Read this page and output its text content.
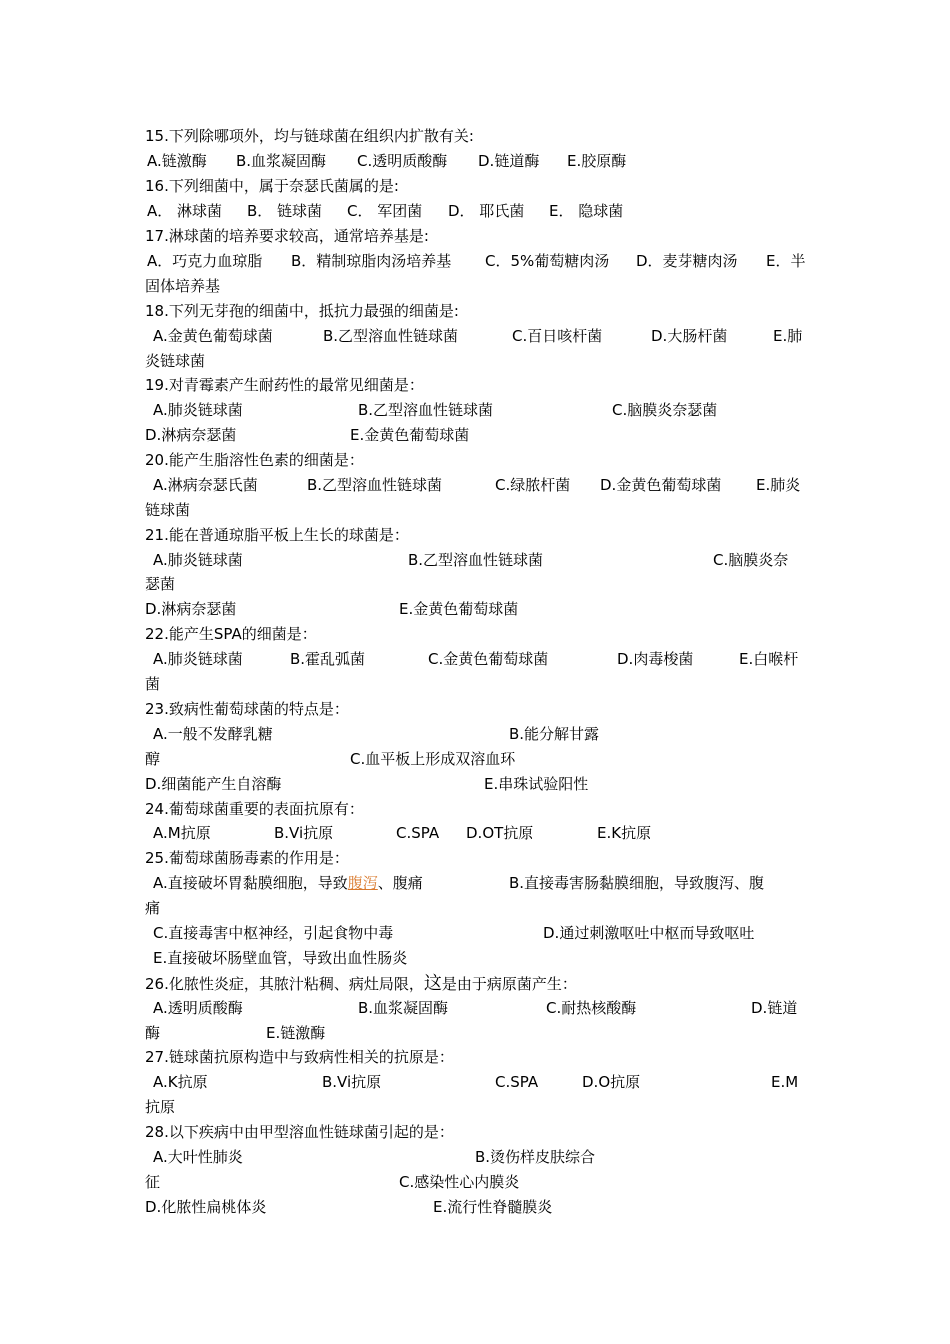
15.下列除哪项外，均与链球菌在组织内扩散有关:
A.链激酶 B.血浆凝固酶 C.透明质酸酶 D.链道酶 E.胶原酶
16.下列细菌中，属于奈瑟氏菌属的是:
A． 淋球菌 B． 链球菌 C． 军团菌 D． 耶氏菌 E． 隐球菌
17.淋球菌的培养要求较高，通常培养基是:
A．巧克力血琼脂 B．精制琼脂肉汤培养基 C．5%葡萄糖肉汤 D．麦芽糖肉汤 E．半
固体培养基
18.下列无芽孢的细菌中，抵抗力最强的细菌是:
A.金黄色葡萄球菌	B.乙型溶血性链球菌	C.百日咳杆菌	D.大肠杆菌	E.肺
炎链球菌
19.对青霉素产生耐药性的最常见细菌是：
A.肺炎链球菌	B.乙型溶血性链球菌	C.脑膜炎奈瑟菌
D.淋病奈瑟菌	E.金黄色葡萄球菌
20.能产生脂溶性色素的细菌是：
A.淋病奈瑟氏菌	B.乙型溶血性链球菌	C.绿脓杆菌 D.金黄色葡萄球菌 E.肺炎
链球菌
21.能在普通琼脂平板上生长的球菌是：
A.肺炎链球菌	B.乙型溶血性链球菌	C.脑膜炎奈
瑟菌
D.淋病奈瑟菌	E.金黄色葡萄球菌
22.能产生SPA的细菌是：
A.肺炎链球菌	B.霍乱弧菌	C.金黄色葡萄球菌	D.肉毒梭菌	E.白喉杆
菌
23.致病性葡萄球菌的特点是：
A.一般不发酵乳糖	B.能分解甘露
醇	C.血平板上形成双溶血环
D.细菌能产生自溶酶	E.串珠试验阳性
24.葡萄球菌重要的表面抗原有：
A.M抗原	B.Vi抗原	C.SPA D.OT抗原	E.K抗原
25.葡萄球菌肠毒素的作用是：
A.直接破坏胃黏膜细胞，导致腹泻、腹痛	B.直接毒害肠黏膜细胞，导致腹泻、腹
痛
C.直接毒害中枢神经，引起食物中毒	D.通过刺激呕吐中枢而导致呕吐
E.直接破坏肠壁血管，导致出血性肠炎
26.化脓性炎症，其脓汁粘稠、病灶局限，这是由于病原菌产生：
A.透明质酸酶	B.血浆凝固酶	C.耐热核酸酶	D.链道
酶	E.链激酶
27.链球菌抗原构造中与致病性相关的抗原是：
A.K抗原	B.Vi抗原	C.SPA	D.O抗原	E.M
抗原
28.以下疾病中由甲型溶血性链球菌引起的是：
A.大叶性肺炎	B.烫伤样皮肤综合
征	C.感染性心内膜炎
D.化脓性扁桃体炎	E.流行性脊髓膜炎
